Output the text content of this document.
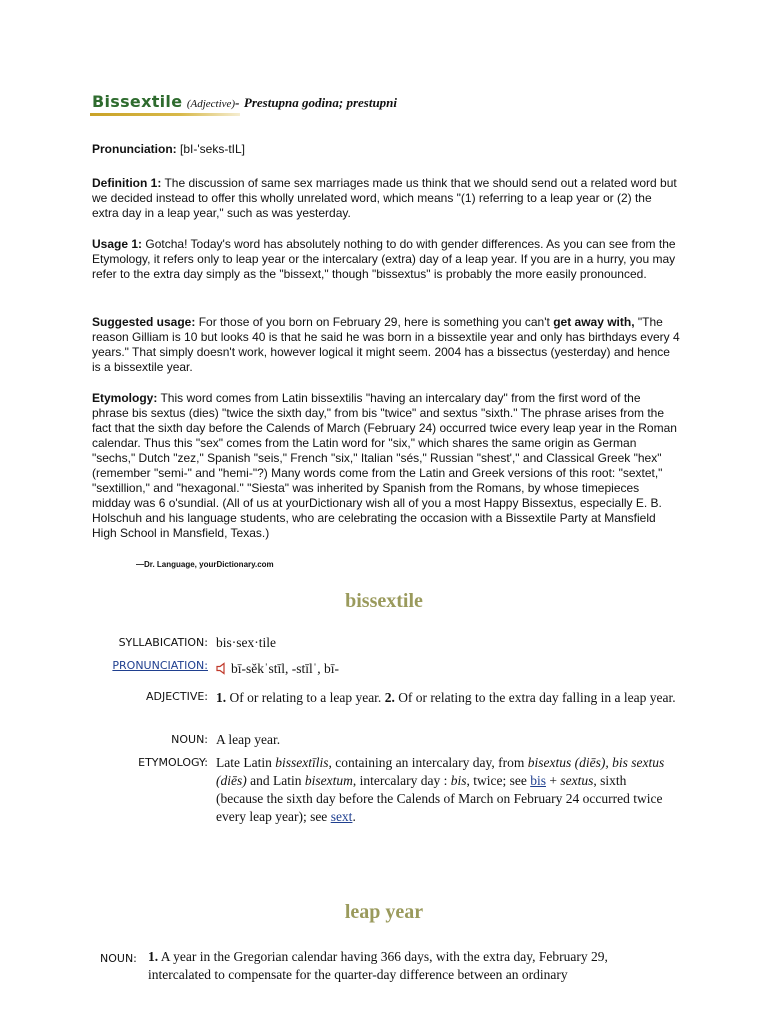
Bissextile (Adjective)- Prestupna godina; prestupni

Pronunciation: [bI-'seks-tIL]

Definition 1: The discussion of same sex marriages made us think that we should send out a related word but we decided instead to offer this wholly unrelated word, which means "(1) referring to a leap year or (2) the extra day in a leap year," such as was yesterday.

Usage 1: Gotcha! Today's word has absolutely nothing to do with gender differences. As you can see from the Etymology, it refers only to leap year or the intercalary (extra) day of a leap year. If you are in a hurry, you may refer to the extra day simply as the "bissext," though "bissextus" is probably the more easily pronounced.

Suggested usage: For those of you born on February 29, here is something you can't get away with, "The reason Gilliam is 10 but looks 40 is that he said he was born in a bissextile year and only has birthdays every 4 years." That simply doesn't work, however logical it might seem. 2004 has a bissectus (yesterday) and hence is a bissextile year.

Etymology: This word comes from Latin bissextilis "having an intercalary day" from the first word of the phrase bis sextus (dies) "twice the sixth day," from bis "twice" and sextus "sixth." The phrase arises from the fact that the sixth day before the Calends of March (February 24) occurred twice every leap year in the Roman calendar. Thus this "sex" comes from the Latin word for "six," which shares the same origin as German "sechs," Dutch "zez," Spanish "seis," French "six," Italian "sés," Russian "shest'," and Classical Greek "hex" (remember "semi-" and "hemi-"?) Many words come from the Latin and Greek versions of this root: "sextet," "sextillion," and "hexagonal." "Siesta" was inherited by Spanish from the Romans, by whose timepieces midday was 6 o'sundial. (All of us at yourDictionary wish all of you a most Happy Bissextus, especially E. B. Holschuh and his language students, who are celebrating the occasion with a Bissextile Party at Mansfield High School in Mansfield, Texas.)

—Dr. Language, yourDictionary.com
bissextile
SYLLABICATION: bis·sex·tile
PRONUNCIATION:	bī-sĕkˈstīl, -stīlˈ, bī-
ADJECTIVE: 1. Of or relating to a leap year. 2. Of or relating to the extra day falling in a leap year.
NOUN: A leap year.
ETYMOLOGY: Late Latin bissextīlis, containing an intercalary day, from bisextus (diēs), bis sextus (diēs) and Latin bisextum, intercalary day : bis, twice; see bis + sextus, sixth (because the sixth day before the Calends of March on February 24 occurred twice every leap year); see sext.
leap year
NOUN: 1. A year in the Gregorian calendar having 366 days, with the extra day, February 29, intercalated to compensate for the quarter-day difference between an ordinary
